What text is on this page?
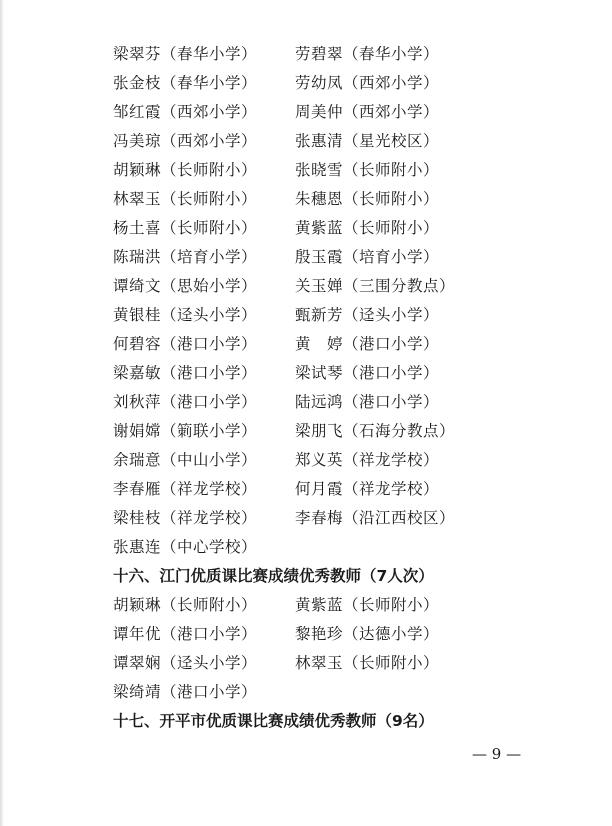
梁翠芬（春华小学）	劳碧翠（春华小学）
张金枝（春华小学）	劳幼凤（西郊小学）
邹红霞（西郊小学）	周美仲（西郊小学）
冯美琼（西郊小学）	张惠清（星光校区）
胡颖琳（长师附小）	张晓雪（长师附小）
林翠玉（长师附小）	朱穗恩（长师附小）
杨土喜（长师附小）	黄紫蓝（长师附小）
陈瑞洪（培育小学）	殷玉霞（培育小学）
谭绮文（思始小学）	关玉婵（三围分教点）
黄银桂（迳头小学）	甄新芳（迳头小学）
何碧容（港口小学）	黄　婷（港口小学）
梁嘉敏（港口小学）	梁试琴（港口小学）
刘秋萍（港口小学）	陆远鸿（港口小学）
谢娟嫦（箣联小学）	梁朋飞（石海分教点）
余瑞意（中山小学）	郑义英（祥龙学校）
李春雁（祥龙学校）	何月霞（祥龙学校）
梁桂枝（祥龙学校）	李春梅（沿江西校区）
张惠连（中心学校）
十六、江门优质课比赛成绩优秀教师（7人次）
胡颖琳（长师附小）	黄紫蓝（长师附小）
谭年优（港口小学）	黎艳珍（达德小学）
谭翠娴（迳头小学）	林翠玉（长师附小）
梁绮靖（港口小学）
十七、开平市优质课比赛成绩优秀教师（9名）
— 9 —
